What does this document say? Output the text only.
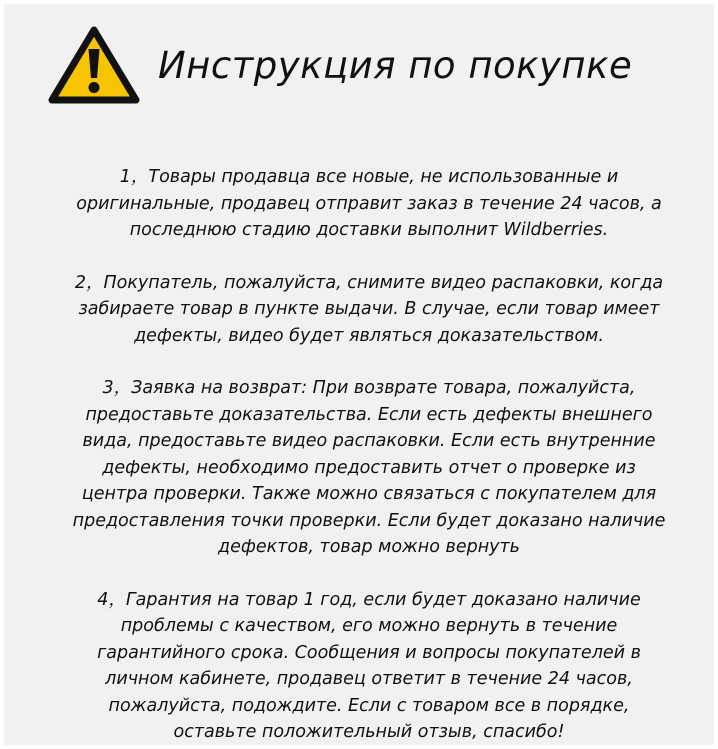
Инструкция по покупке
1，Товары продавца все новые, не использованные и
оригинальные, продавец отправит заказ в течение 24 часов, а
последнюю стадию доставки выполнит Wildberries.
2，Покупатель, пожалуйста, снимите видео распаковки, когда
забираете товар в пункте выдачи. В случае, если товар имеет
дефекты, видео будет являться доказательством.
3，Заявка на возврат: При возврате товара, пожалуйста,
предоставьте доказательства. Если есть дефекты внешнего
вида, предоставьте видео распаковки. Если есть внутренние
дефекты, необходимо предоставить отчет о проверке из
центра проверки. Также можно связаться с покупателем для
предоставления точки проверки. Если будет доказано наличие
дефектов, товар можно вернуть
4，Гарантия на товар 1 год, если будет доказано наличие
проблемы с качеством, его можно вернуть в течение
гарантийного срока. Сообщения и вопросы покупателей в
личном кабинете, продавец ответит в течение 24 часов,
пожалуйста, подождите. Если с товаром все в порядке,
оставьте положительный отзыв, спасибо!
